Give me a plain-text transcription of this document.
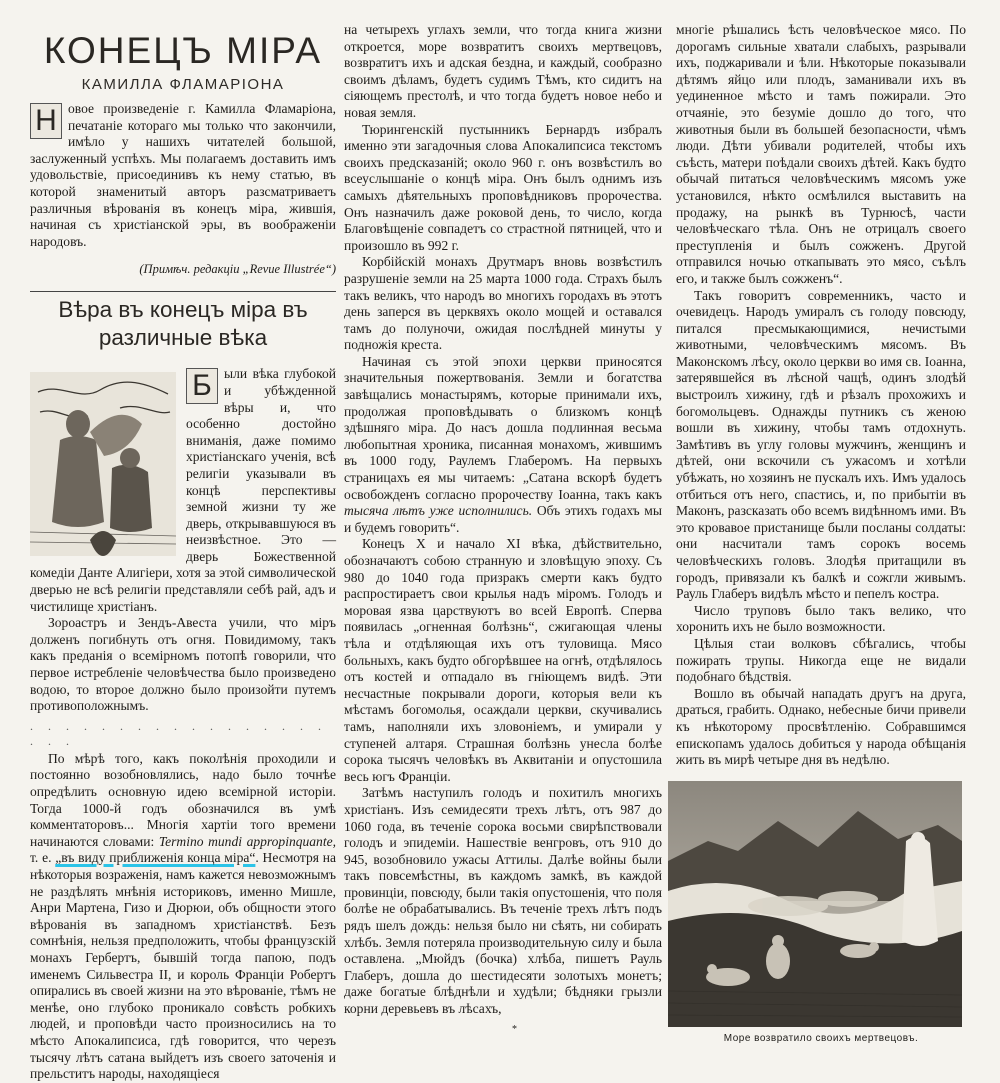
КОНЕЦЪ МІРА
КАМИЛЛА ФЛАМАРІОНА

Н овое произведеніе г. Камилла Фламаріона, печатаніе котораго мы только что закончили, имѣло у нашихъ читателей большой, заслуженный успѣхъ. Мы полагаемъ доставить имъ удовольствіе, присоединивъ къ нему статью, въ которой знаменитый авторъ разсматриваетъ различныя вѣрованія въ конецъ міра, жившія, начиная съ христіанской эры, въ воображеніи народовъ.

(Примѣч. редакціи „Revue Illustrée“)
Вѣра въ конецъ міра въ различные вѣка

Б ыли вѣка глубокой и убѣжденной вѣры и, что особенно достойно вниманія, даже помимо христіанскаго ученія, всѣ религіи указывали въ концѣ перспективы земной жизни ту же дверь, открывавшуюся въ неизвѣстное. Это — дверь Божественной комедіи Данте Алигіери, хотя за этой символической дверью не всѣ религіи представляли себѣ рай, адъ и чистилище христіанъ.

Зороастръ и Зендъ-Авеста учили, что міръ долженъ погибнуть отъ огня. Повидимому, такъ какъ преданія о всемірномъ потопѣ говорили, что первое истребленіе человѣчества было произведено водою, то второе должно было произойти путемъ противоположнымъ.

. . . . . . . . . . . . . . . . . . . .

По мѣрѣ того, какъ поколѣнія проходили и постоянно возобновлялись, надо было точнѣе опредѣлить основную идею всемірной исторіи. Тогда 1000-й годъ обозначился въ умѣ комментаторовъ... Многія хартіи того времени начинаются словами: Termino mundi appropinquante, т. е. „въ виду приближенія конца міра“. Несмотря на нѣкоторыя возраженія, намъ кажется невозможнымъ не раздѣлять мнѣнія историковъ, именно Мишле, Анри Мартена, Гизо и Дюрюи, объ общности этого вѣрованія въ западномъ христіанствѣ. Безъ сомнѣнія, нельзя предположить, чтобы французскій монахъ Гербертъ, бывшій тогда папою, подъ именемъ Сильвестра II, и король Франціи Робертъ опирались въ своей жизни на это вѣрованіе, тѣмъ не менѣе, оно глубоко проникало совѣсть робкихъ людей, и проповѣди часто произносились на то мѣсто Апокалипсиса, гдѣ говорится, что черезъ тысячу лѣтъ сатана выйдетъ изъ своего заточенія и прельститъ народы, находящіеся

на четырехъ углахъ земли, что тогда книга жизни откроется, море возвратитъ своихъ мертвецовъ, возвратитъ ихъ и адская бездна, и каждый, сообразно своимъ дѣламъ, будетъ судимъ Тѣмъ, кто сидитъ на сіяющемъ престолѣ, и что тогда будетъ новое небо и новая земля.

Тюрингенскій пустынникъ Бернардъ избралъ именно эти загадочныя слова Апокалипсиса текстомъ своихъ предсказаній; около 960 г. онъ возвѣстилъ во всеуслышаніе о концѣ міра. Онъ былъ однимъ изъ самыхъ дѣятельныхъ проповѣдниковъ пророчества. Онъ назначилъ даже роковой день, то число, когда Благовѣщеніе совпадетъ со страстной пятницей, что и произошло въ 992 г.

Корбійскій монахъ Друтмаръ вновь возвѣстилъ разрушеніе земли на 25 марта 1000 года. Страхъ былъ такъ великъ, что народъ во многихъ городахъ въ этотъ день заперся въ церквяхъ около мощей и оставался тамъ до полуночи, ожидая послѣдней минуты у подножія креста.

Начиная съ этой эпохи церкви приносятся значительныя пожертвованія. Земли и богатства завѣщались монастырямъ, которые принимали ихъ, продолжая проповѣдывать о близкомъ концѣ здѣшняго міра. До насъ дошла подлинная весьма любопытная хроника, писанная монахомъ, жившимъ въ 1000 году, Раулемъ Глаберомъ. На первыхъ страницахъ ея мы читаемъ: „Сатана вскорѣ будетъ освобожденъ согласно пророчеству Іоанна, такъ какъ тысяча лѣтъ уже исполнились. Объ этихъ годахъ мы и будемъ говорить“.

Конецъ X и начало XI вѣка, дѣйствительно, обозначаютъ собою странную и зловѣщую эпоху. Съ 980 до 1040 года призракъ смерти какъ будто распростираетъ свои крылья надъ міромъ. Голодъ и моровая язва царствуютъ во всей Европѣ. Сперва появилась „огненная болѣзнь“, сжигающая члены тѣла и отдѣляющая ихъ отъ туловища. Мясо больныхъ, какъ будто обгорѣвшее на огнѣ, отдѣлялось отъ костей и отпадало въ гніющемъ видѣ. Эти несчастные покрывали дороги, которыя вели къ мѣстамъ богомолья, осаждали церкви, скучивались тамъ, наполняли ихъ зловоніемъ, и умирали у ступеней алтаря. Страшная болѣзнь унесла болѣе сорока тысячъ человѣкъ въ Аквитаніи и опустошила весь югъ Франціи.

Затѣмъ наступилъ голодъ и похитилъ многихъ христіанъ. Изъ семидесяти трехъ лѣтъ, отъ 987 до 1060 года, въ теченіе сорока восьми свирѣпствовали голодъ и эпидеміи. Нашествіе венгровъ, отъ 910 до 945, возобновило ужасы Аттилы. Далѣе войны были такъ повсемѣстны, въ каждомъ замкѣ, въ каждой провинціи, повсюду, были такія опустошенія, что поля болѣе не обрабатывались. Въ теченіе трехъ лѣтъ подъ рядъ шелъ дождь: нельзя было ни сѣять, ни собирать хлѣбъ. Земля потеряла производительную силу и была оставлена. „Мюйдъ (бочка) хлѣба, пишетъ Рауль Глаберъ, дошла до шестидесяти золотыхъ монетъ; даже богатые блѣднѣли и худѣли; бѣдняки грызли корни деревьевъ въ лѣсахъ,

многіе рѣшались ѣсть человѣческое мясо. По дорогамъ сильные хватали слабыхъ, разрывали ихъ, поджаривали и ѣли. Нѣкоторые показывали дѣтямъ яйцо или плодъ, заманивали ихъ въ уединенное мѣсто и тамъ пожирали. Это отчаяніе, это безуміе дошло до того, что животныя были въ большей безопасности, чѣмъ люди. Дѣти убивали родителей, чтобы ихъ съѣсть, матери поѣдали своихъ дѣтей. Какъ будто обычай питаться человѣческимъ мясомъ уже установился, нѣкто осмѣлился выставить на продажу, на рынкѣ въ Турнюсѣ, части человѣческаго тѣла. Онъ не отрицалъ своего преступленія и былъ сожженъ. Другой отправился ночью откапывать это мясо, съѣлъ его, и также былъ сожженъ“.

Такъ говоритъ современникъ, часто и очевидецъ. Народъ умиралъ съ голоду повсюду, питался пресмыкающимися, нечистыми животными, человѣческимъ мясомъ. Въ Маконскомъ лѣсу, около церкви во имя св. Іоанна, затерявшейся въ лѣсной чащѣ, одинъ злодѣй выстроилъ хижину, гдѣ и рѣзалъ прохожихъ и богомольцевъ. Однажды путникъ съ женою вошли въ хижину, чтобы тамъ отдохнуть. Замѣтивъ въ углу головы мужчинъ, женщинъ и дѣтей, они вскочили съ ужасомъ и хотѣли убѣжать, но хозяинъ не пускалъ ихъ. Имъ удалось отбиться отъ него, спастись, и, по прибытіи въ Маконъ, разсказать обо всемъ видѣнномъ ими. Въ это кровавое пристанище были посланы солдаты: они насчитали тамъ сорокъ восемь человѣческихъ головъ. Злодѣя притащили въ городъ, привязали къ балкѣ и сожгли живымъ. Рауль Глаберъ видѣлъ мѣсто и пепелъ костра.

Число труповъ было такъ велико, что хоронить ихъ не было возможности.

Цѣлыя стаи волковъ сбѣгались, чтобы пожирать трупы. Никогда еще не видали подобнаго бѣдствія.

Вошло въ обычай нападать другъ на друга, драться, грабить. Однако, небесные бичи привели къ нѣкоторому просвѣтленію. Собравшимся епископамъ удалось добиться у народа обѣщанія жить въ мирѣ четыре дня въ недѣлю.

Море возвратило своихъ мертвецовъ.
*
